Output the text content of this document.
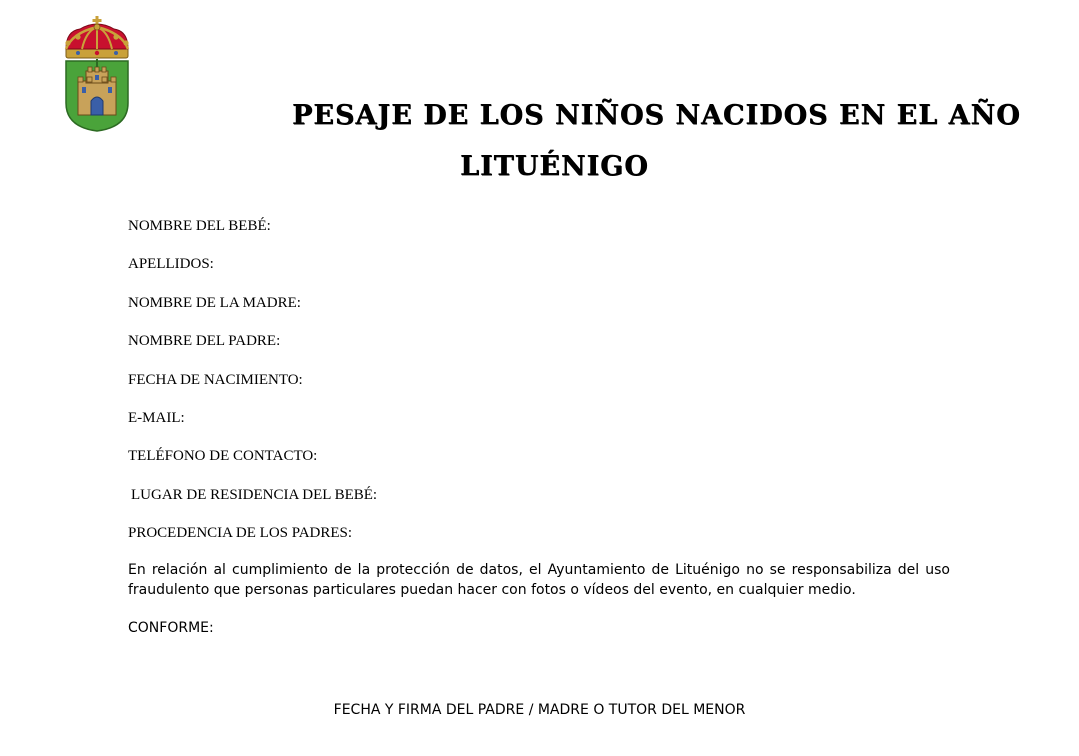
PESAJE DE LOS NIÑOS NACIDOS EN EL AÑO
LITUÉNIGO
NOMBRE DEL BEBÉ:
APELLIDOS:
NOMBRE DE LA MADRE:
NOMBRE DEL PADRE:
FECHA DE NACIMIENTO:
E-MAIL:
TELÉFONO DE CONTACTO:
LUGAR DE RESIDENCIA DEL BEBÉ:
PROCEDENCIA DE LOS PADRES:
En relación al cumplimiento de la protección de datos, el Ayuntamiento de Lituénigo no se responsabiliza del uso fraudulento que personas particulares puedan hacer con fotos o vídeos del evento, en cualquier medio.
CONFORME:
FECHA Y FIRMA DEL PADRE / MADRE O TUTOR DEL MENOR
